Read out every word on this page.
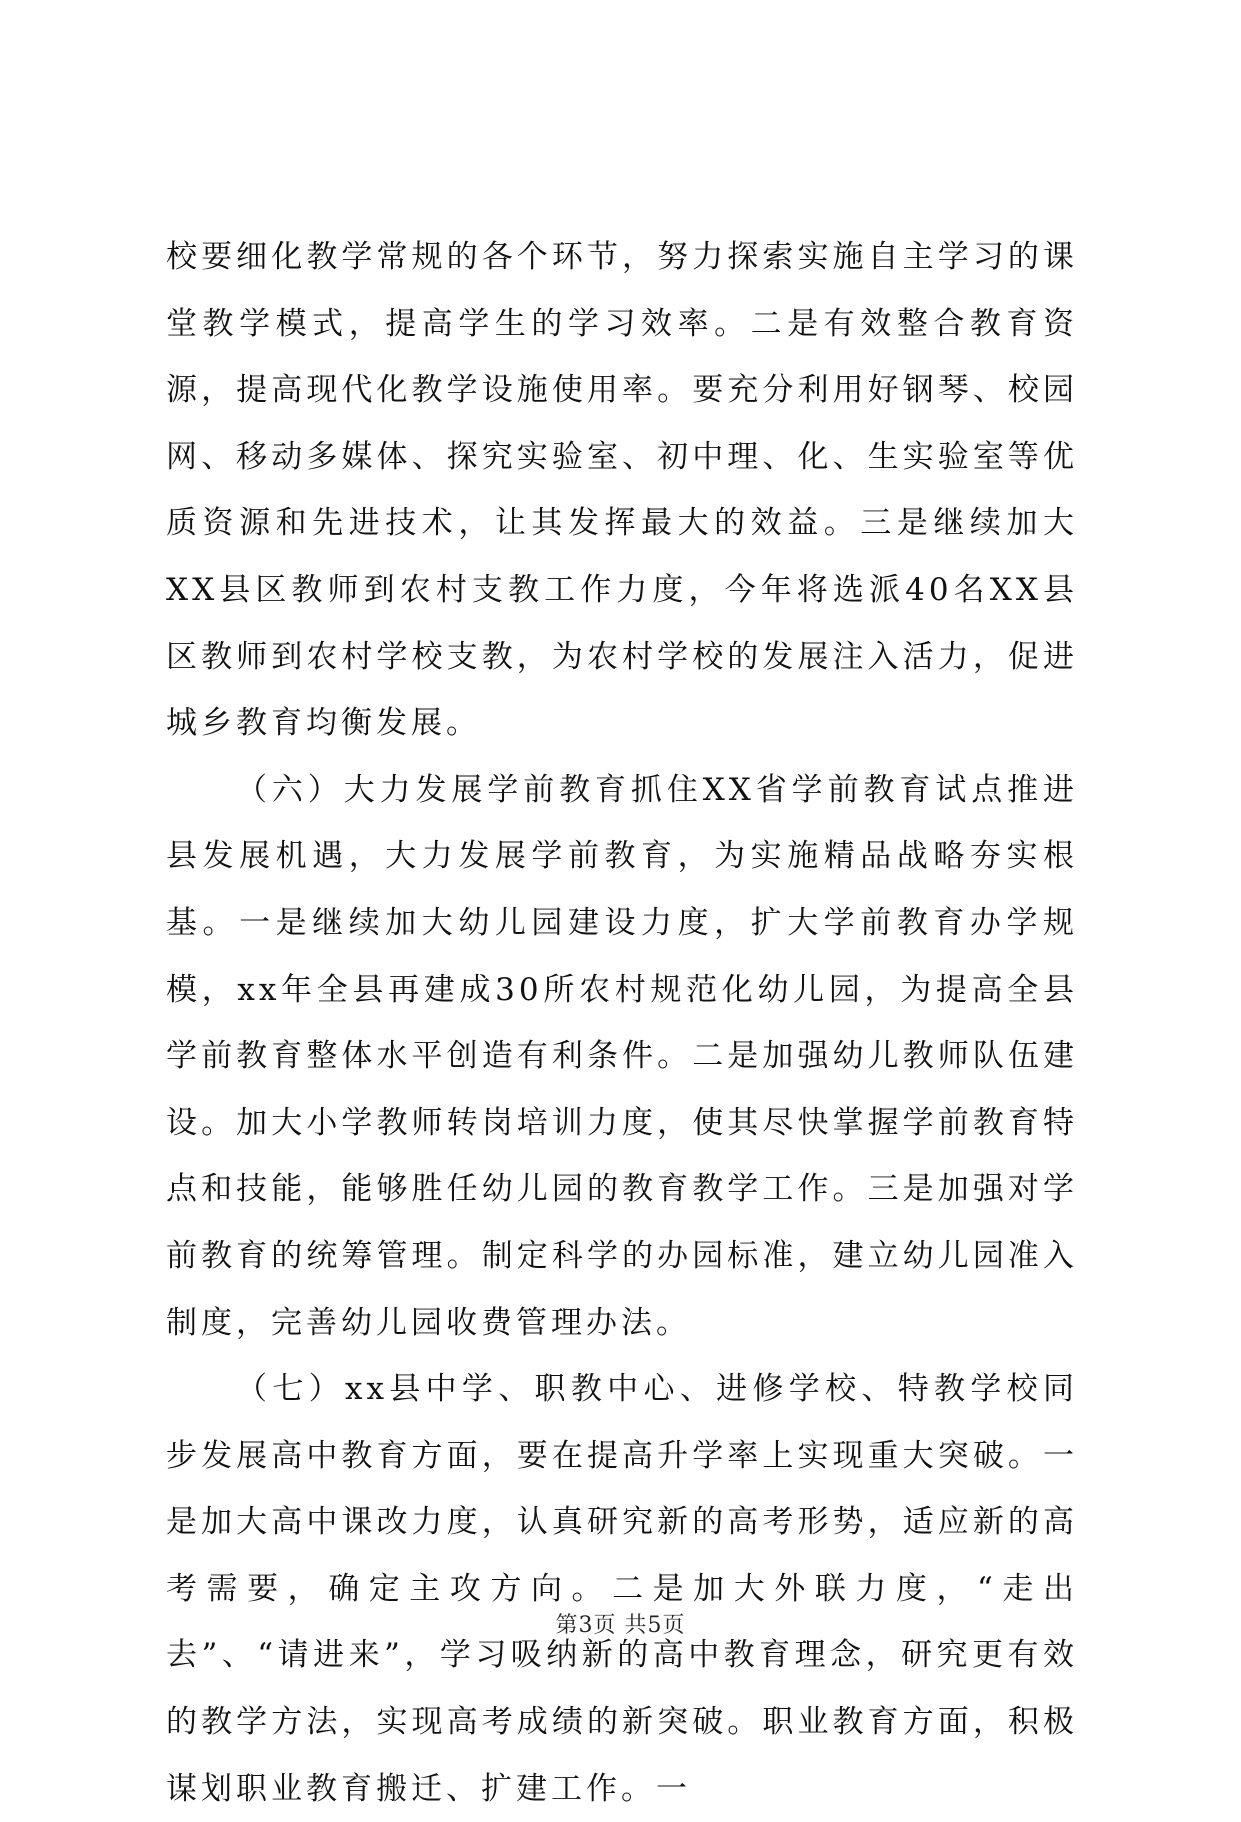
校要细化教学常规的各个环节，努力探索实施自主学习的课堂教学模式，提高学生的学习效率。二是有效整合教育资源，提高现代化教学设施使用率。要充分利用好钢琴、校园网、移动多媒体、探究实验室、初中理、化、生实验室等优质资源和先进技术，让其发挥最大的效益。三是继续加大XX县区教师到农村支教工作力度，今年将选派40名XX县区教师到农村学校支教，为农村学校的发展注入活力，促进城乡教育均衡发展。

（六）大力发展学前教育抓住XX省学前教育试点推进县发展机遇，大力发展学前教育，为实施精品战略夯实根基。一是继续加大幼儿园建设力度，扩大学前教育办学规模，xx年全县再建成30所农村规范化幼儿园，为提高全县学前教育整体水平创造有利条件。二是加强幼儿教师队伍建设。加大小学教师转岗培训力度，使其尽快掌握学前教育特点和技能，能够胜任幼儿园的教育教学工作。三是加强对学前教育的统筹管理。制定科学的办园标准，建立幼儿园准入制度，完善幼儿园收费管理办法。

（七）xx县中学、职教中心、进修学校、特教学校同步发展高中教育方面，要在提高升学率上实现重大突破。一是加大高中课改力度，认真研究新的高考形势，适应新的高考需要，确定主攻方向。二是加大外联力度，“走出去”、“请进来”，学习吸纳新的高中教育理念，研究更有效的教学方法，实现高考成绩的新突破。职业教育方面，积极谋划职业教育搬迁、扩建工作。一

第3页 共5页
